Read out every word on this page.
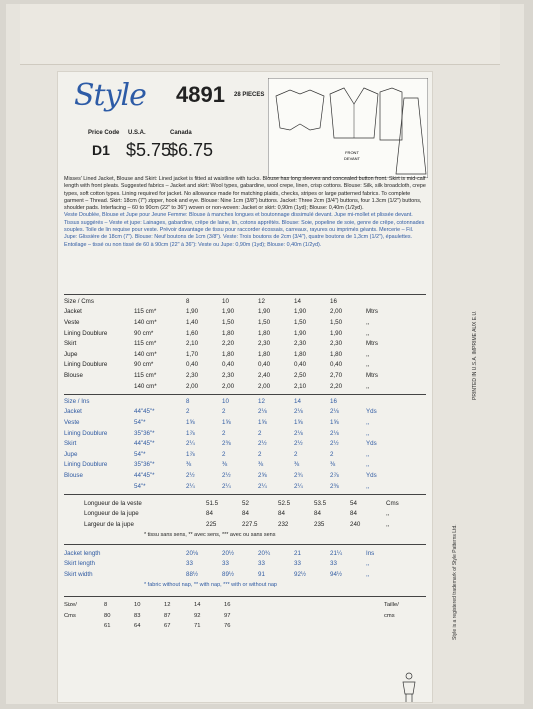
Style 4891 28 PIECES
Price Code U.S.A.	Canada
D1 $5.75
$6.75	FRONT
DEVANT
Misses' Lined Jacket, Blouse and Skirt: Lined jacket is fitted at waistline with tucks. Blouse has long sleeves and concealed button front. Skirt is mid-calf length with front pleats. Suggested fabrics – Jacket and skirt: Wool types, gabardine, wool crepe, linen, crisp cottons. Blouse: Silk, silk broadcloth, crepe types, soft cotton types. Lining required for jacket. No allowance made for matching plaids, checks, stripes or large patterned fabrics. To complete garment – Thread. Skirt: 18cm (7") zipper, hook and eye. Blouse: Nine 1cm (3/8") buttons. Jacket: Three 2cm (3/4") buttons, four 1.3cm (1/2") buttons, shoulder pads. Interfacing – 60 to 90cm (22" to 36") woven or non-woven: Jacket or skirt: 0,90m (1yd); Blouse: 0,40m (1/2yd).
Veste Doublée, Blouse et Jupe pour Jeune Femme: Blouse à manches longues et boutonnage dissimulé devant. Jupe mi-mollet et plissée devant. Tissus suggérés – Veste et jupe: Lainages, gabardine, crêpe de laine, lin, cotons apprêtés. Blouse: Soie, popeline de soie, genre de crêpe, cotonnades souples. Toile de lin requise pour veste. Prévoir davantage de tissu pour raccorder écossais, carreaux, rayures ou imprimés géants. Mercerie – Fil. Jupe: Glissière de 18cm (7"). Blouse: Neuf boutons de 1cm (3/8"). Veste: Trois boutons de 2cm (3/4"), quatre boutons de 1,3cm (1/2"), épaulettes. Entoilage – tissé ou non tissé de 60 à 90cm (22" à 36"): Veste ou Jupe: 0,90m (1yd); Blouse: 0,40m (1/2yd).
Size / Cms		8	10	12	14	16	
Jacket	115 cm*	1,90	1,90	1,90	1,90	2,00	Mtrs
Veste	140 cm*	1,40	1,50	1,50	1,50	1,50	,,
Lining Doublure	90 cm*	1,60	1,80	1,80	1,90	1,90	,,
Skirt	115 cm*	2,10	2,20	2,30	2,30	2,30	Mtrs
Jupe	140 cm*	1,70	1,80	1,80	1,80	1,80	,,
Lining Doublure	90 cm*	0,40	0,40	0,40	0,40	0,40	,,
Blouse	115 cm*	2,30	2,30	2,40	2,50	2,70	Mtrs
	140 cm*	2,00	2,00	2,00	2,10	2,20	,,
Size / Ins		8	10	12	14	16	
Jacket	44"45"*	2	2	2⅛	2⅛	2⅛	Yds
Veste	54"*	1⅝	1⅝	1⅝	1⅝	1⅝	,,
Lining Doublure	35"36"*	1⅞	2	2	2⅛	2⅛	,,
Skirt	44"45"*	2¼	2⅜	2½	2½	2½	Yds
Jupe	54"*	1⅞	2	2	2	2	,,
Lining Doublure	35"36"*	⅜	⅜	⅜	⅜	⅜	,,
Blouse	44"45"*	2½	2½	2⅝	2¾	2⅞	Yds
	54"*	2¼	2¼	2¼	2¼	2⅜	,,
Longueur de la veste	51.5	52	52.5	53.5	54	Cms
Longueur de la jupe	84	84	84	84	84	,,
Largeur de la jupe	225	227.5	232	235	240	,,
* tissu sans sens, ** avec sens, *** avec ou sans sens						
Jacket length	20⅛	20½	20¾	21	21¼	Ins
Skirt length	33	33	33	33	33	,,
Skirt width	88½	89½	91	92½	94½	,,
* fabric without nap, ** with nap, *** with or without nap						
Size/	8	10	12	14	16	Taille/
Cms	80	83	87	92	97	cms
	61	64	67	71	76		Style is a registered trademark of Style Patterns Ltd.
PRINTED IN U.S.A. IMPRIME AUX E.U.
